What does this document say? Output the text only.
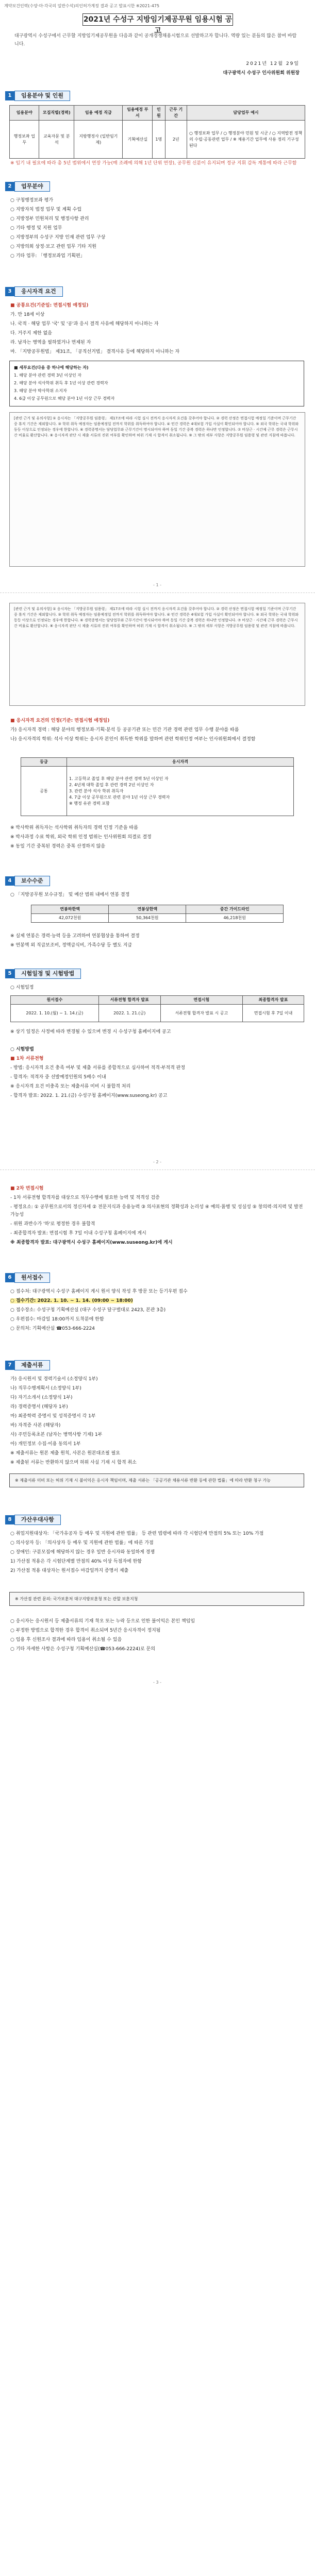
계약보건인력(수양·마·각국의 일반수석)의인허가계정 결과 공고 발표시한 ※2021-475
2021년 수성구 지방임기제공무원 임용시험 공고
대구광역시 수성구에서 근무할 지방임기제공무원을 다음과 같이 공개경쟁채용시험으로 선발하고자 합니다. 역량 있는 분들의 많은 참여 바랍니다.
2021년 12월 29일
대구광역시 수성구 인사위원회 위원장
1 임용분야 및 인원
임용분야	모집직렬(경력)	임용 예정 직급	임용예정 부서	인원	근무 기간	담당업무 예시
행정보좌 업무	교육자문 및 분석	지방행정사 (일반임기제)	기획예산실	1명	2년	○ 행정보좌 업무 / ○ 행정분야 민원 및 시군 / ○ 지역발전 정책의 수립·공동관련 업무 / ※ 채용기간 업무에 사용 정리 기구성된다
※ 임기 내 필요에 따라 총 5년 범위에서 연장 가능(매 조례에 의해 1년 단위 연장), 공무원 신분이 유지되며 정규 지휘 감독 계통에 따라 근무함
2 업무분야

○ 구청행정보좌 평가

○ 지방자치 법정 업무 및 계획 수립

○ 지방정부 민원처리 및 행정사항 관리

○ 기타 행정 및 지원 업무

○ 지방정부의 수성구 지방 인재 관련 업무 구상

○ 지방의회 상정·보고 관련 업무 기타 지원

○ 기타 업무: 「행정보좌업 기획편」

3 응시자격 요건

■ 공통요건(기준일: 면접시험 예정일)

가. 만 18세 이상

나. 국적 · 해당 업무 '국' 및 '공'과 응시 결격 사유에 해당하지 아니하는 자

다. 거주지 제한 없음

라. 남자는 병역을 필하였거나 면제된 자

마. 「지방공무원법」 제31조, 「공직선거법」 결격사유 등에 해당하지 아니하는 자

■ 세부요건(다음 중 하나에 해당하는 자)

1. 해당 분야 관련 경력 3년 이상인 자

2. 해당 분야 석사학위 취득 후 1년 이상 관련 경력자

3. 해당 분야 박사학위 소지자

4. 6급 이상 공무원으로 해당 분야 1년 이상 근무 경력자

[관련 근거 및 유의사항] ① 응시자는 「지방공무원 임용령」 제17조에 따라 시험 실시 전까지 응시자격 요건을 갖추어야 합니다. ② 경력 산정은 면접시험 예정일 기준이며 근무기간 중 휴직 기간은 제외합니다. ③ 학위 취득 예정자는 임용예정일 전까지 학위를 취득하여야 합니다. ④ 민간 경력은 4대보험 가입 사실이 확인되어야 합니다. ⑤ 외국 학위는 국내 학위와 동등 이상으로 인정되는 경우에 한합니다. ⑥ 경력증명서는 담당업무와 근무기간이 명시되어야 하며 동일 기간 중복 경력은 하나만 인정합니다. ⑦ 비상근 · 시간제 근무 경력은 근무시간 비율로 환산합니다. ⑧ 응시자격 판단 시 제출 서류의 진위 여부를 확인하며 허위 기재 시 합격이 취소됩니다. ⑨ 그 밖의 세부 사항은 지방공무원 임용령 및 관련 지침에 따릅니다.

- 1 -

[관련 근거 및 유의사항] ① 응시자는 「지방공무원 임용령」 제17조에 따라 시험 실시 전까지 응시자격 요건을 갖추어야 합니다. ② 경력 산정은 면접시험 예정일 기준이며 근무기간 중 휴직 기간은 제외합니다. ③ 학위 취득 예정자는 임용예정일 전까지 학위를 취득하여야 합니다. ④ 민간 경력은 4대보험 가입 사실이 확인되어야 합니다. ⑤ 외국 학위는 국내 학위와 동등 이상으로 인정되는 경우에 한합니다. ⑥ 경력증명서는 담당업무와 근무기간이 명시되어야 하며 동일 기간 중복 경력은 하나만 인정합니다. ⑦ 비상근 · 시간제 근무 경력은 근무시간 비율로 환산합니다. ⑧ 응시자격 판단 시 제출 서류의 진위 여부를 확인하며 허위 기재 시 합격이 취소됩니다. ⑨ 그 밖의 세부 사항은 지방공무원 임용령 및 관련 지침에 따릅니다.

■ 응시자격 요건의 인정(기준: 면접시험 예정일)

가) 응시자격 경력 : 해당 분야의 행정보좌·기획·분석 등 공공기관 또는 민간 기관 경력 관련 업무 수행 분야를 따름

나) 응시자격의 학위: 석사 이상 학위는 응시자 본인이 취득한 학위를 말하며 관련 학위인정 여부는 인사위원회에서 결정함

등급	응시자격
공통	1. 고등학교 졸업 후 해당 분야 관련 경력 5년 이상인 자
2. 4년제 대학 졸업 후 관련 경력 2년 이상인 자
3. 관련 분야 석사 학위 취득자
4. 7급 이상 공무원으로 관련 분야 1년 이상 근무 경력자
※ 행정 유관 경력 포함

※ 박사학위 취득자는 석사학위 취득자의 경력 인정 기준을 따름

※ 박사과정 수료 학위, 외국 학위 인정 범위는 인사위원회 의결로 결정

※ 동일 기간 중복된 경력은 중복 산정하지 않음

4 보수수준
○ 「지방공무원 보수규정」 및 예산 범위 내에서 연봉 결정
연봉하한액	연봉상한액	중간 가이드라인
42,072천원	50,364천원	46,218천원

※ 실제 연봉은 경력·능력 등을 고려하여 연봉협상을 통하여 결정

※ 연봉액 외 직급보조비, 정액급식비, 가족수당 등 별도 지급

5 시험일정 및 시험방법
○ 시험일정
원서접수	서류전형 합격자 발표	면접시험	최종합격자 발표
2022. 1. 10.(월) ~ 1. 14.(금)	2022. 1. 21.(금)	서류전형 합격자 발표 시 공고	면접시험 후 7일 이내
※ 상기 일정은 사정에 따라 변경될 수 있으며 변경 시 수성구청 홈페이지에 공고

○ 시험방법

■ 1차 서류전형

- 방법: 응시자격 요건 충족 여부 및 제출 서류를 종합적으로 심사하여 적격·부적격 판정

- 합격자: 적격자 중 선발예정인원의 5배수 이내

※ 응시자격 요건 미충족 또는 제출서류 미비 시 불합격 처리

- 합격자 발표: 2022. 1. 21.(금) 수성구청 홈페이지(www.suseong.kr) 공고

- 2 -

■ 2차 면접시험

- 1차 서류전형 합격자를 대상으로 직무수행에 필요한 능력 및 적격성 검증

- 평정요소: ① 공무원으로서의 정신자세 ② 전문지식과 응용능력 ③ 의사표현의 정확성과 논리성 ④ 예의·품행 및 성실성 ⑤ 창의력·의지력 및 발전 가능성

- 위원 과반수가 '하'로 평정한 경우 불합격

- 최종합격자 발표: 면접시험 후 7일 이내 수성구청 홈페이지에 게시

※ 최종합격자 발표: 대구광역시 수성구 홈페이지(www.suseong.kr)에 게시

6 원서접수

○ 접수처: 대구광역시 수성구 홈페이지 게시 원서 양식 작성 후 방문 또는 등기우편 접수

○ 접수기간: 2022. 1. 10. ~ 1. 14. (09:00 ~ 18:00)

○ 접수장소: 수성구청 기획예산실 (대구 수성구 달구벌대로 2423, 본관 3층)

○ 우편접수: 마감일 18:00까지 도착분에 한함

○ 문의처: 기획예산실 ☎053-666-2224

7 제출서류

가) 응시원서 및 경력기술서 (소정양식 1부)

나) 직무수행계획서 (소정양식 1부)

다) 자기소개서 (소정양식 1부)

라) 경력증명서 (해당자 1부)

마) 최종학력 증명서 및 성적증명서 각 1부

바) 자격증 사본 (해당자)

사) 주민등록초본 (남자는 병역사항 기재) 1부

아) 개인정보 수집·이용 동의서 1부

※ 제출서류는 원본 제출 원칙, 사본은 원본대조필 필요

※ 제출된 서류는 반환하지 않으며 허위 사실 기재 시 합격 취소

※ 제출서류 미비 또는 허위 기재 시 불이익은 응시자 책임이며, 제출 서류는 「공공기관 채용서류 반환 등에 관한 법률」에 따라 반환 청구 가능
8 가산우대사항

○ 취업지원대상자: 「국가유공자 등 예우 및 지원에 관한 법률」 등 관련 법령에 따라 각 시험단계 만점의 5% 또는 10% 가점

○ 의사상자 등: 「의사상자 등 예우 및 지원에 관한 법률」에 따른 가점

○ 장애인: 구분모집에 해당하지 않는 경우 일반 응시자와 동일하게 경쟁

1) 가산점 적용은 각 시험단계별 만점의 40% 이상 득점자에 한함

2) 가산점 적용 대상자는 원서접수 마감일까지 증명서 제출

※ 가산점 관련 문의: 국가보훈처 대구지방보훈청 또는 관할 보훈지청

○ 응시자는 응시원서 등 제출서류의 기재 착오 또는 누락 등으로 인한 불이익은 본인 책임임

○ 부정한 방법으로 합격한 경우 합격이 취소되며 5년간 응시자격이 정지됨

○ 임용 후 신원조사 결과에 따라 임용이 취소될 수 있음

○ 기타 자세한 사항은 수성구청 기획예산실(☎053-666-2224)로 문의

- 3 -
